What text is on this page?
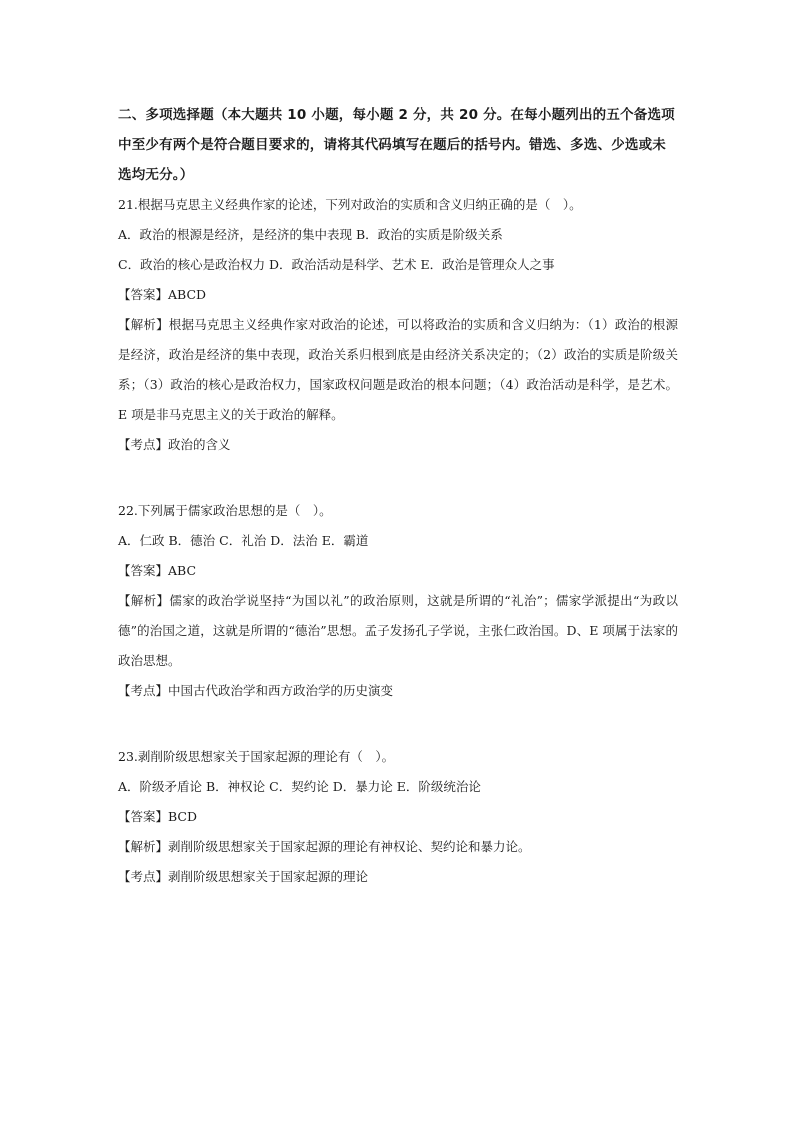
二、多项选择题（本大题共 10 小题，每小题 2 分，共 20 分。在每小题列出的五个备选项中至少有两个是符合题目要求的，请将其代码填写在题后的括号内。错选、多选、少选或未选均无分。）
21.根据马克思主义经典作家的论述，下列对政治的实质和含义归纳正确的是（　）。
A．政治的根源是经济，是经济的集中表现 B．政治的实质是阶级关系
C．政治的核心是政治权力 D．政治活动是科学、艺术 E．政治是管理众人之事
【答案】ABCD
【解析】根据马克思主义经典作家对政治的论述，可以将政治的实质和含义归纳为：（1）政治的根源是经济，政治是经济的集中表现，政治关系归根到底是由经济关系决定的；（2）政治的实质是阶级关系；（3）政治的核心是政治权力，国家政权问题是政治的根本问题；（4）政治活动是科学，是艺术。E 项是非马克思主义的关于政治的解释。
【考点】政治的含义
22.下列属于儒家政治思想的是（　）。
A．仁政 B．德治 C．礼治 D．法治 E．霸道
【答案】ABC
【解析】儒家的政治学说坚持“为国以礼”的政治原则，这就是所谓的“礼治”；儒家学派提出“为政以德”的治国之道，这就是所谓的“德治”思想。孟子发扬孔子学说，主张仁政治国。D、E 项属于法家的政治思想。
【考点】中国古代政治学和西方政治学的历史演变
23.剥削阶级思想家关于国家起源的理论有（　）。
A．阶级矛盾论 B．神权论 C．契约论 D．暴力论 E．阶级统治论
【答案】BCD
【解析】剥削阶级思想家关于国家起源的理论有神权论、契约论和暴力论。
【考点】剥削阶级思想家关于国家起源的理论
